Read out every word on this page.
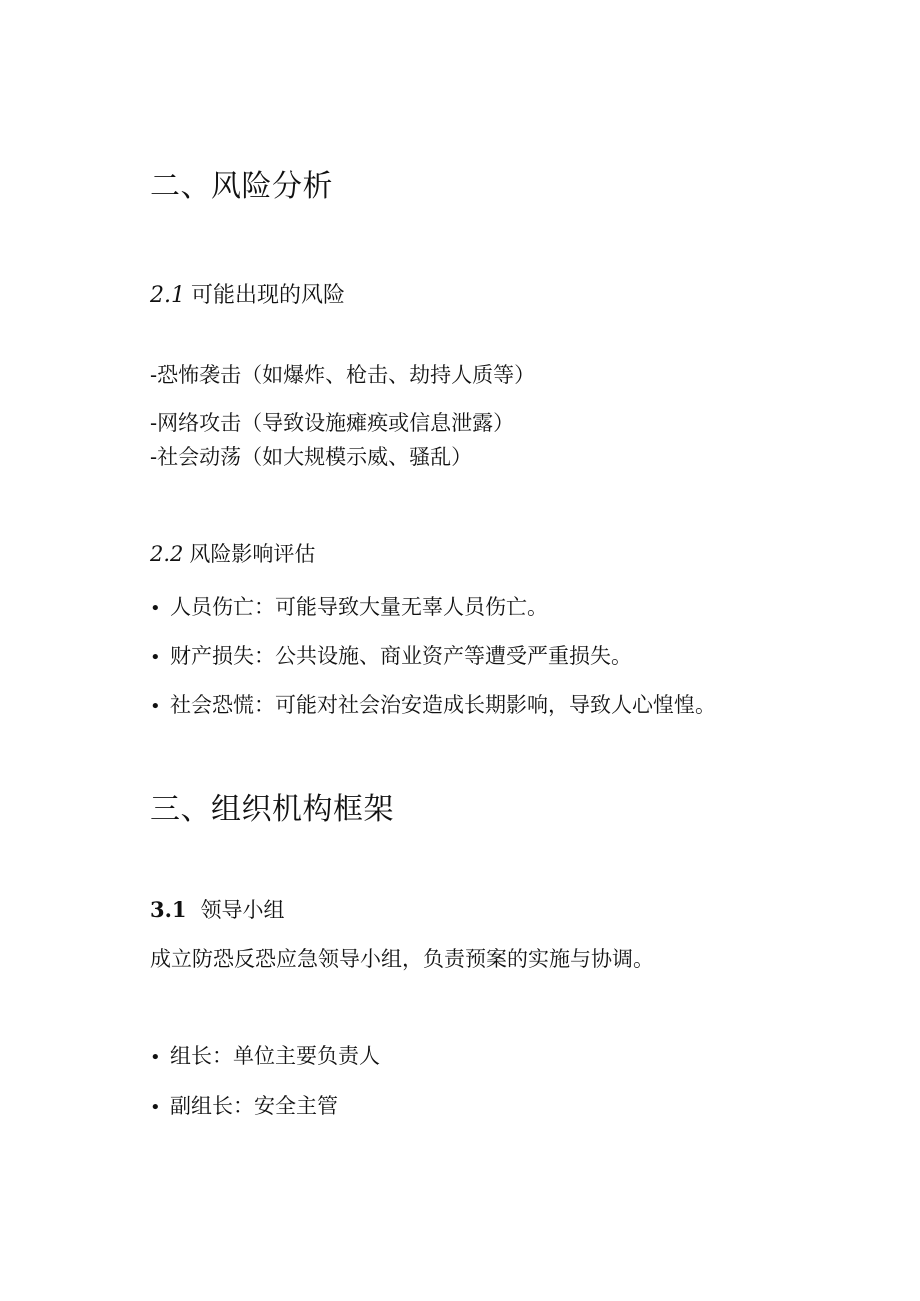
二、风险分析
2.1 可能出现的风险
-恐怖袭击（如爆炸、枪击、劫持人质等）
-网络攻击（导致设施瘫痪或信息泄露）
-社会动荡（如大规模示威、骚乱）
2.2 风险影响评估
• 人员伤亡：可能导致大量无辜人员伤亡。
• 财产损失：公共设施、商业资产等遭受严重损失。
• 社会恐慌：可能对社会治安造成长期影响，导致人心惶惶。
三、组织机构框架
3.1 领导小组
成立防恐反恐应急领导小组，负责预案的实施与协调。
• 组长：单位主要负责人
• 副组长：安全主管
